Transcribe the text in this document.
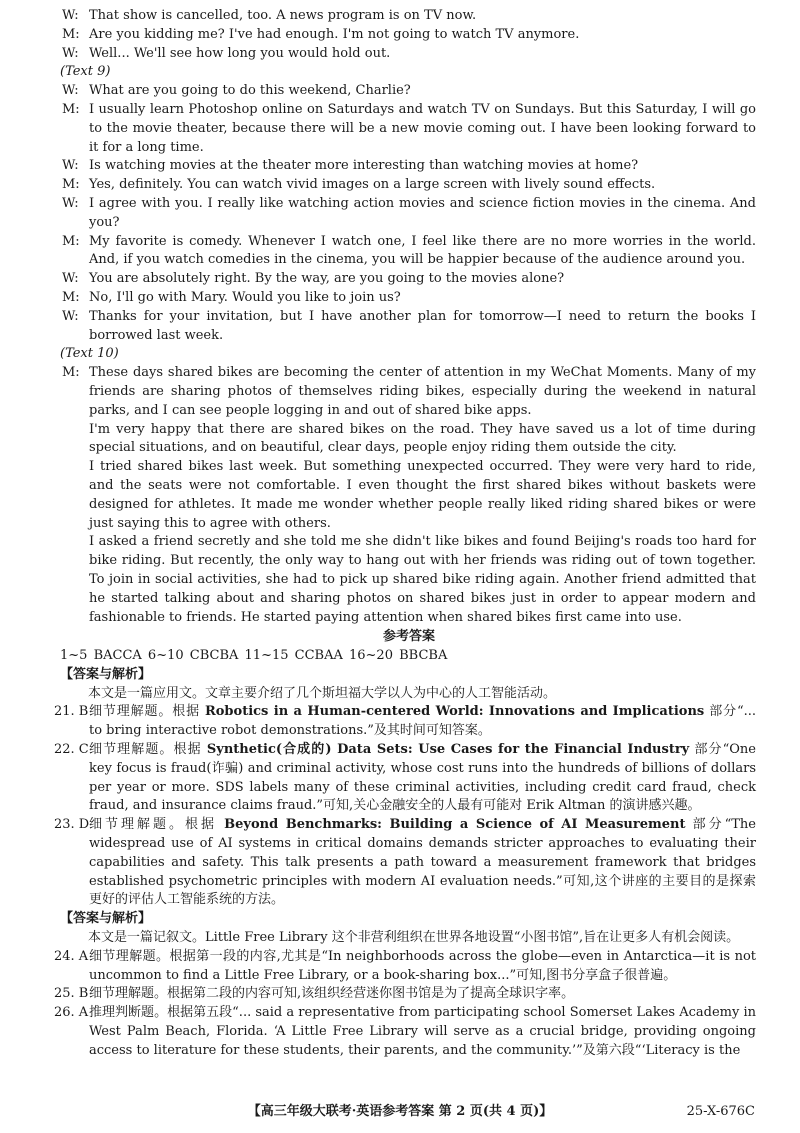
W: That show is cancelled, too. A news program is on TV now.
M: Are you kidding me? I've had enough. I'm not going to watch TV anymore.
W: Well... We'll see how long you would hold out.
(Text 9)
W: What are you going to do this weekend, Charlie?
M: I usually learn Photoshop online on Saturdays and watch TV on Sundays. But this Saturday, I will go to the movie theater, because there will be a new movie coming out. I have been looking forward to it for a long time.
W: Is watching movies at the theater more interesting than watching movies at home?
M: Yes, definitely. You can watch vivid images on a large screen with lively sound effects.
W: I agree with you. I really like watching action movies and science fiction movies in the cinema. And you?
M: My favorite is comedy. Whenever I watch one, I feel like there are no more worries in the world. And, if you watch comedies in the cinema, you will be happier because of the audience around you.
W: You are absolutely right. By the way, are you going to the movies alone?
M: No, I'll go with Mary. Would you like to join us?
W: Thanks for your invitation, but I have another plan for tomorrow—I need to return the books I borrowed last week.
(Text 10)
M: These days shared bikes are becoming the center of attention in my WeChat Moments. Many of my friends are sharing photos of themselves riding bikes, especially during the weekend in natural parks, and I can see people logging in and out of shared bike apps.
I'm very happy that there are shared bikes on the road. They have saved us a lot of time during special situations, and on beautiful, clear days, people enjoy riding them outside the city.
I tried shared bikes last week. But something unexpected occurred. They were very hard to ride, and the seats were not comfortable. I even thought the first shared bikes without baskets were designed for athletes. It made me wonder whether people really liked riding shared bikes or were just saying this to agree with others.
I asked a friend secretly and she told me she didn't like bikes and found Beijing's roads too hard for bike riding. But recently, the only way to hang out with her friends was riding out of town together. To join in social activities, she had to pick up shared bike riding again. Another friend admitted that he started talking about and sharing photos on shared bikes just in order to appear modern and fashionable to friends. He started paying attention when shared bikes first came into use.
参考答案
1~5 BACCA 6~10 CBCBA 11~15 CCBAA 16~20 BBCBA
【答案与解析】
本文是一篇应用文。文章主要介绍了几个斯坦福大学以人为中心的人工智能活动。
21. B 细节理解题。根据 Robotics in a Human-centered World: Innovations and Implications 部分“... to bring interactive robot demonstrations.”及其时间可知答案。
22. C 细节理解题。根据 Synthetic(合成的) Data Sets: Use Cases for the Financial Industry 部分“One key focus is fraud(诈骗) and criminal activity, whose cost runs into the hundreds of billions of dollars per year or more. SDS labels many of these criminal activities, including credit card fraud, check fraud, and insurance claims fraud.”可知,关心金融安全的人最有可能对 Erik Altman 的演讲感兴趣。
23. D 细节理解题。根据 Beyond Benchmarks: Building a Science of AI Measurement 部分“The widespread use of AI systems in critical domains demands stricter approaches to evaluating their capabilities and safety. This talk presents a path toward a measurement framework that bridges established psychometric principles with modern AI evaluation needs.”可知,这个讲座的主要目的是探索更好的评估人工智能系统的方法。
【答案与解析】
本文是一篇记叙文。Little Free Library 这个非营利组织在世界各地设置“小图书馆”,旨在让更多人有机会阅读。
24. A 细节理解题。根据第一段的内容,尤其是“In neighborhoods across the globe—even in Antarctica—it is not uncommon to find a Little Free Library, or a book-sharing box...”可知,图书分享盒子很普遍。
25. B 细节理解题。根据第二段的内容可知,该组织经营迷你图书馆是为了提高全球识字率。
26. A 推理判断题。根据第五段“... said a representative from participating school Somerset Lakes Academy in West Palm Beach, Florida. ‘A Little Free Library will serve as a crucial bridge, providing ongoing access to literature for these students, their parents, and the community.’”及第六段“‘Literacy is the
【高三年级大联考·英语参考答案 第 2 页(共 4 页)】	25-X-676C
